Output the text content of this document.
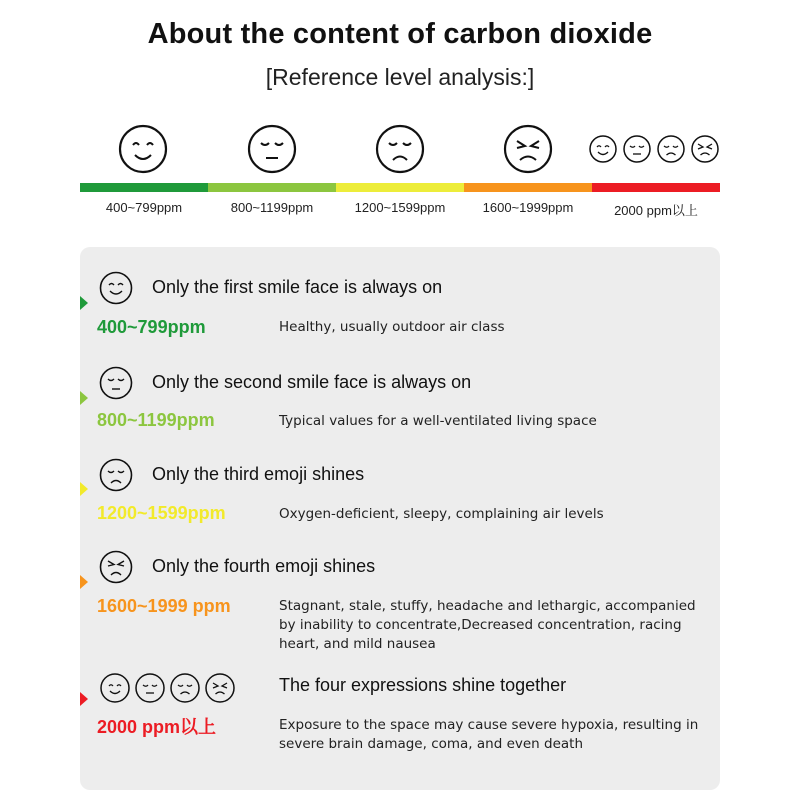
About the content of carbon dioxide
[Reference level analysis:]
400~799ppm	800~1199ppm	1200~1599ppm	1600~1999ppm	2000 ppm以上
Only the first smile face is always on
400~799ppm	Healthy, usually outdoor air class
Only the second smile face is always on
800~1199ppm	Typical values for a well-ventilated living space
Only the third emoji shines
1200~1599ppm	Oxygen-deficient, sleepy, complaining air levels
Only the fourth emoji shines
1600~1999 ppm	Stagnant, stale, stuffy, headache and lethargic, accompanied by inability to concentrate,Decreased concentration, racing heart, and mild nausea
The four expressions shine together
2000 ppm以上	Exposure to the space may cause severe hypoxia, resulting in severe brain damage, coma, and even death
